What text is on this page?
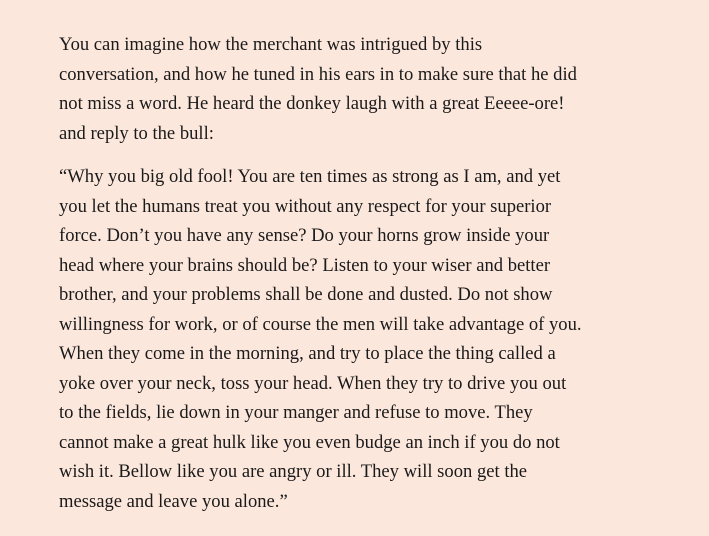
You can imagine how the merchant was intrigued by this
conversation, and how he tuned in his ears in to make sure that he did
not miss a word. He heard the donkey laugh with a great Eeeee-ore!
and reply to the bull:

“Why you big old fool! You are ten times as strong as I am, and yet
you let the humans treat you without any respect for your superior
force. Don’t you have any sense? Do your horns grow inside your
head where your brains should be? Listen to your wiser and better
brother, and your problems shall be done and dusted. Do not show
willingness for work, or of course the men will take advantage of you.
When they come in the morning, and try to place the thing called a
yoke over your neck, toss your head. When they try to drive you out
to the fields, lie down in your manger and refuse to move. They
cannot make a great hulk like you even budge an inch if you do not
wish it. Bellow like you are angry or ill. They will soon get the
message and leave you alone.”
